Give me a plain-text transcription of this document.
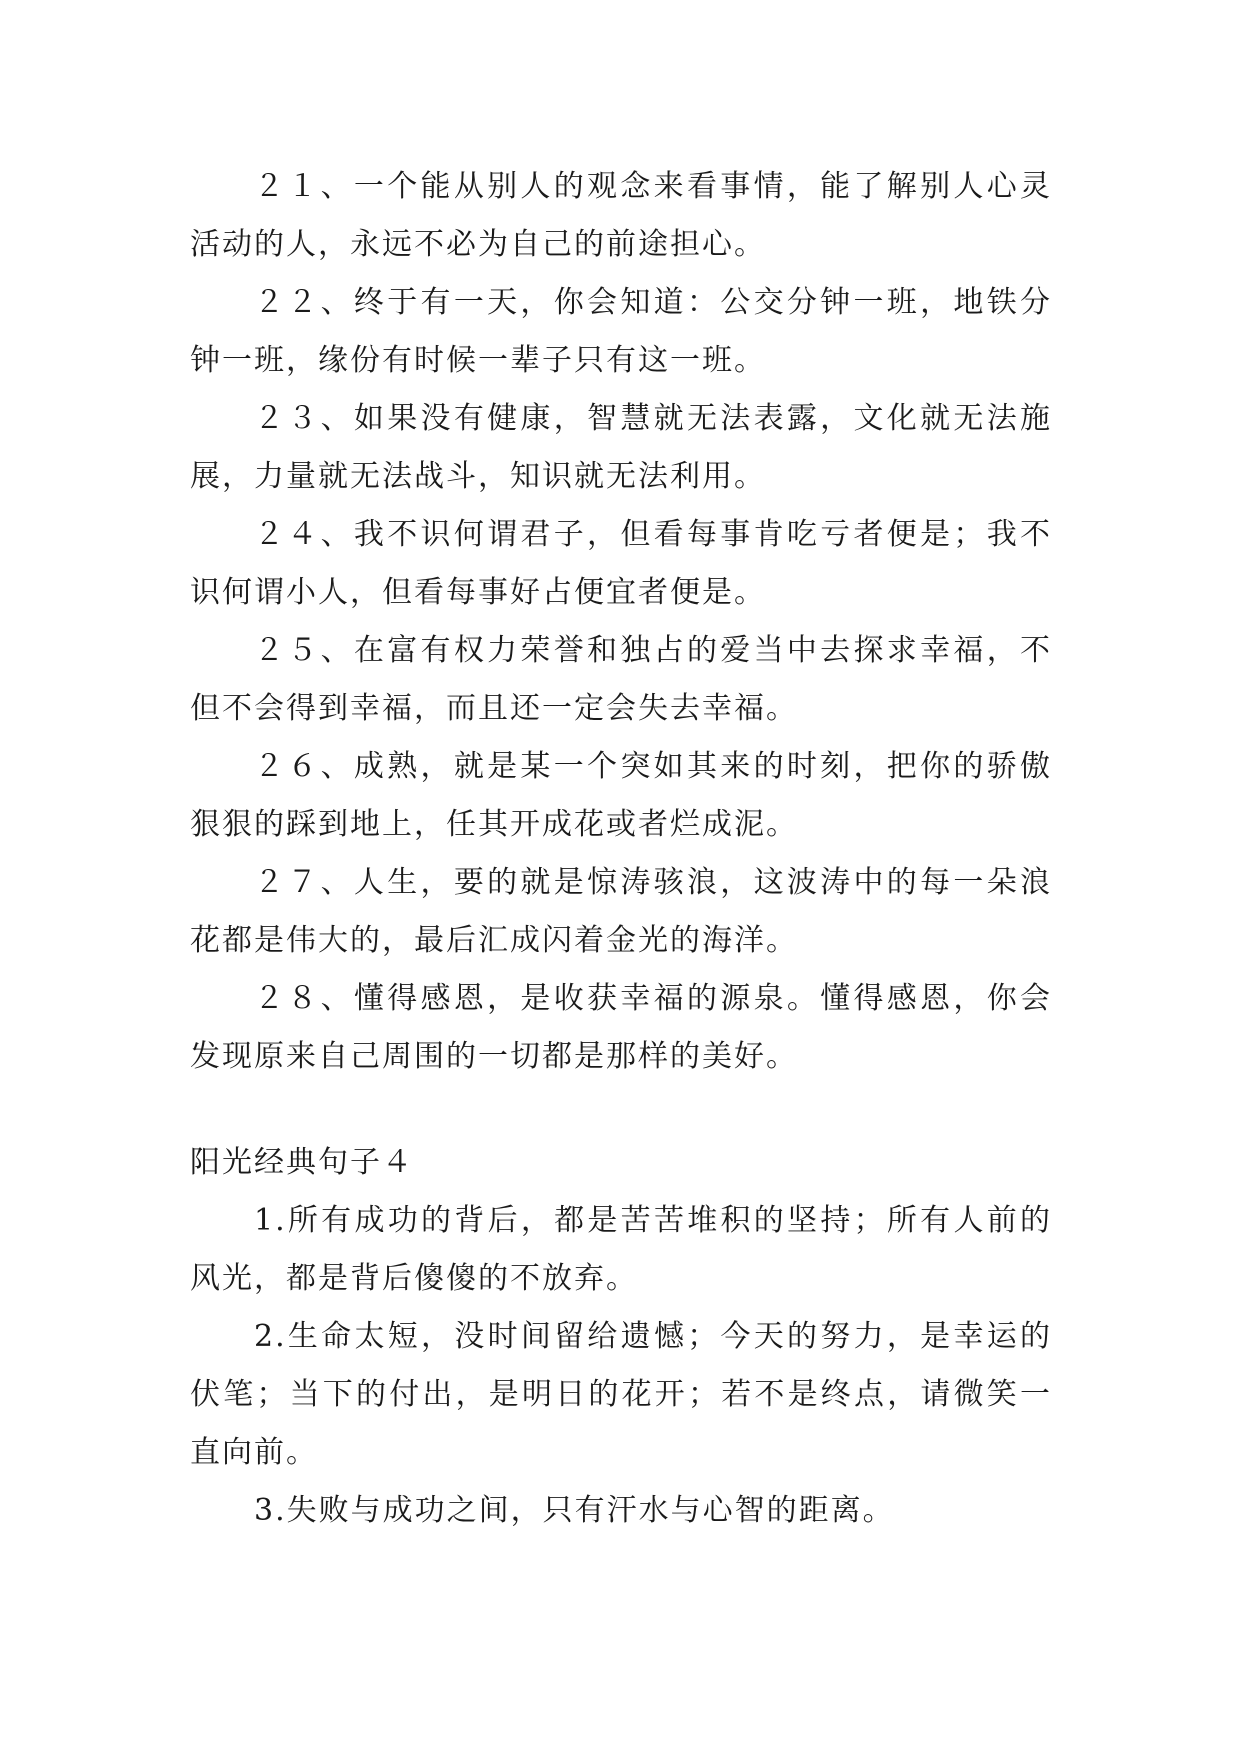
２１、一个能从别人的观念来看事情，能了解别人心灵活动的人，永远不必为自己的前途担心。

２２、终于有一天，你会知道：公交分钟一班，地铁分钟一班，缘份有时候一辈子只有这一班。

２３、如果没有健康，智慧就无法表露，文化就无法施展，力量就无法战斗，知识就无法利用。

２４、我不识何谓君子，但看每事肯吃亏者便是；我不识何谓小人，但看每事好占便宜者便是。

２５、在富有权力荣誉和独占的爱当中去探求幸福，不但不会得到幸福，而且还一定会失去幸福。

２６、成熟，就是某一个突如其来的时刻，把你的骄傲狠狠的踩到地上，任其开成花或者烂成泥。

２７、人生，要的就是惊涛骇浪，这波涛中的每一朵浪花都是伟大的，最后汇成闪着金光的海洋。

２８、懂得感恩，是收获幸福的源泉。懂得感恩，你会发现原来自己周围的一切都是那样的美好。

阳光经典句子４

1.所有成功的背后，都是苦苦堆积的坚持；所有人前的风光，都是背后傻傻的不放弃。

2.生命太短，没时间留给遗憾；今天的努力，是幸运的伏笔；当下的付出，是明日的花开；若不是终点，请微笑一直向前。

3.失败与成功之间，只有汗水与心智的距离。
